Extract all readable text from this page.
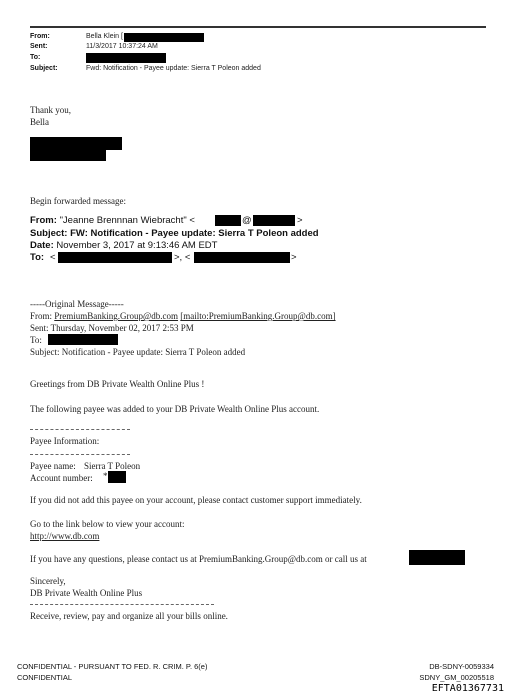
From:	Bella Klein [
Sent:	11/3/2017 10:37:24 AM
To:
Subject:	Fwd: Notification - Payee update: Sierra T Poleon added
Thank you,
Bella
Begin forwarded message:
From: "Jeanne Brennnan Wiebracht" <	@	>
Subject: FW: Notification - Payee update: Sierra T Poleon added
Date: November 3, 2017 at 9:13:46 AM EDT
To: <	>, <	>
-----Original Message-----
From: PremiumBanking.Group@db.com [mailto:PremiumBanking.Group@db.com]
Sent: Thursday, November 02, 2017 2:53 PM
To:
Subject: Notification - Payee update: Sierra T Poleon added
Greetings from DB Private Wealth Online Plus !
The following payee was added to your DB Private Wealth Online Plus account.
Payee Information:
Payee name: Sierra T Poleon
Account number: *
If you did not add this payee on your account, please contact customer support immediately.
Go to the link below to view your account:
http://www.db.com
If you have any questions, please contact us at PremiumBanking.Group@db.com or call us at
Sincerely,
DB Private Wealth Online Plus
Receive, review, pay and organize all your bills online.
CONFIDENTIAL - PURSUANT TO FED. R. CRIM. P. 6(e)
CONFIDENTIAL
DB-SDNY-0059334
SDNY_GM_00205518
EFTA01367731
